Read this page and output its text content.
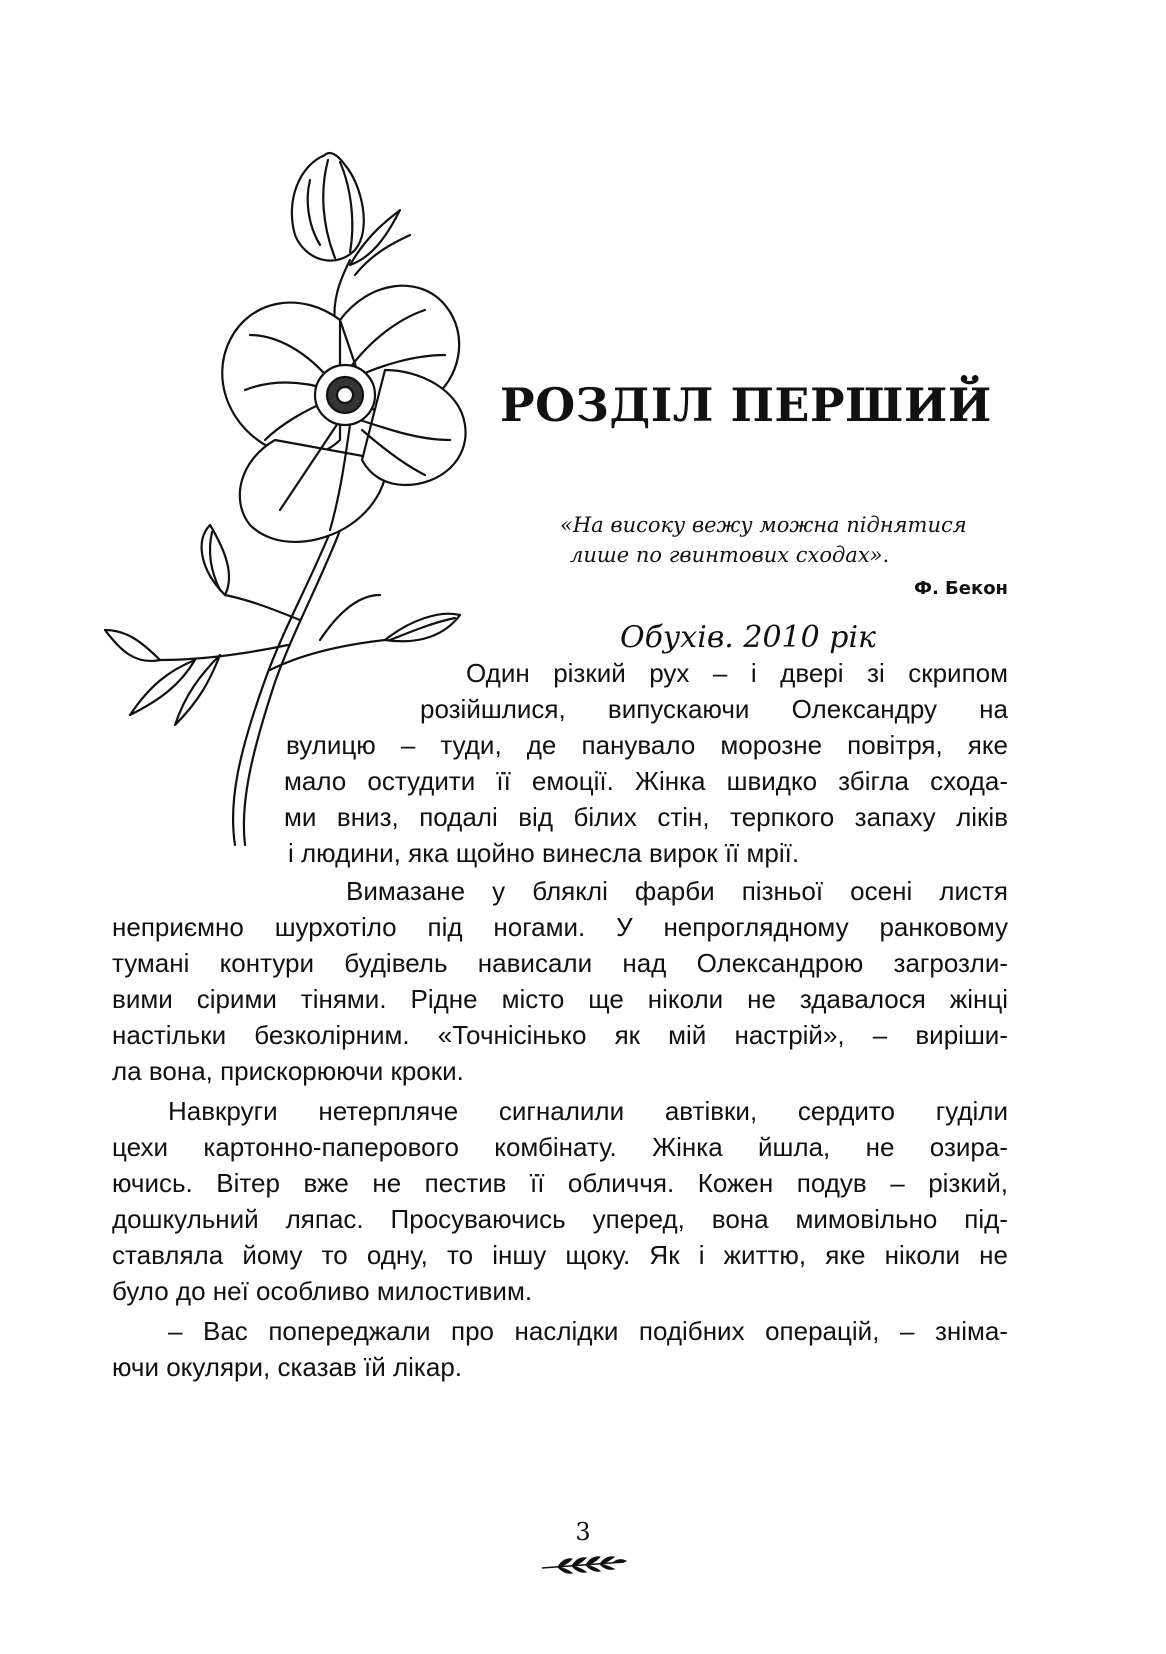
РОЗДІЛ ПЕРШИЙ
«На високу вежу можна піднятися
лише по гвинтових сходах».
Ф. Бекон
Обухів. 2010 рік
Один різкий рух – і двері зі скрипом
розійшлися, випускаючи Олександру на
вулицю – туди, де панувало морозне повітря, яке
мало остудити її емоції. Жінка швидко збігла схода-
ми вниз, подалі від білих стін, терпкого запаху ліків
і людини, яка щойно винесла вирок її мрії.
Вимазане у бляклі фарби пізньої осені листя
неприємно шурхотіло під ногами. У непроглядному ранковому
тумані контури будівель нависали над Олександрою загрозли-
вими сірими тінями. Рідне місто ще ніколи не здавалося жінці
настільки безколірним. «Точнісінько як мій настрій», – виріши-
ла вона, прискорюючи кроки.
Навкруги нетерпляче сигналили автівки, сердито гуділи
цехи картонно-паперового комбінату. Жінка йшла, не озира-
ючись. Вітер вже не пестив її обличчя. Кожен подув – різкий,
дошкульний ляпас. Просуваючись уперед, вона мимовільно під-
ставляла йому то одну, то іншу щоку. Як і життю, яке ніколи не
було до неї особливо милостивим.
– Вас попереджали про наслідки подібних операцій, – зніма-
ючи окуляри, сказав їй лікар.
3
